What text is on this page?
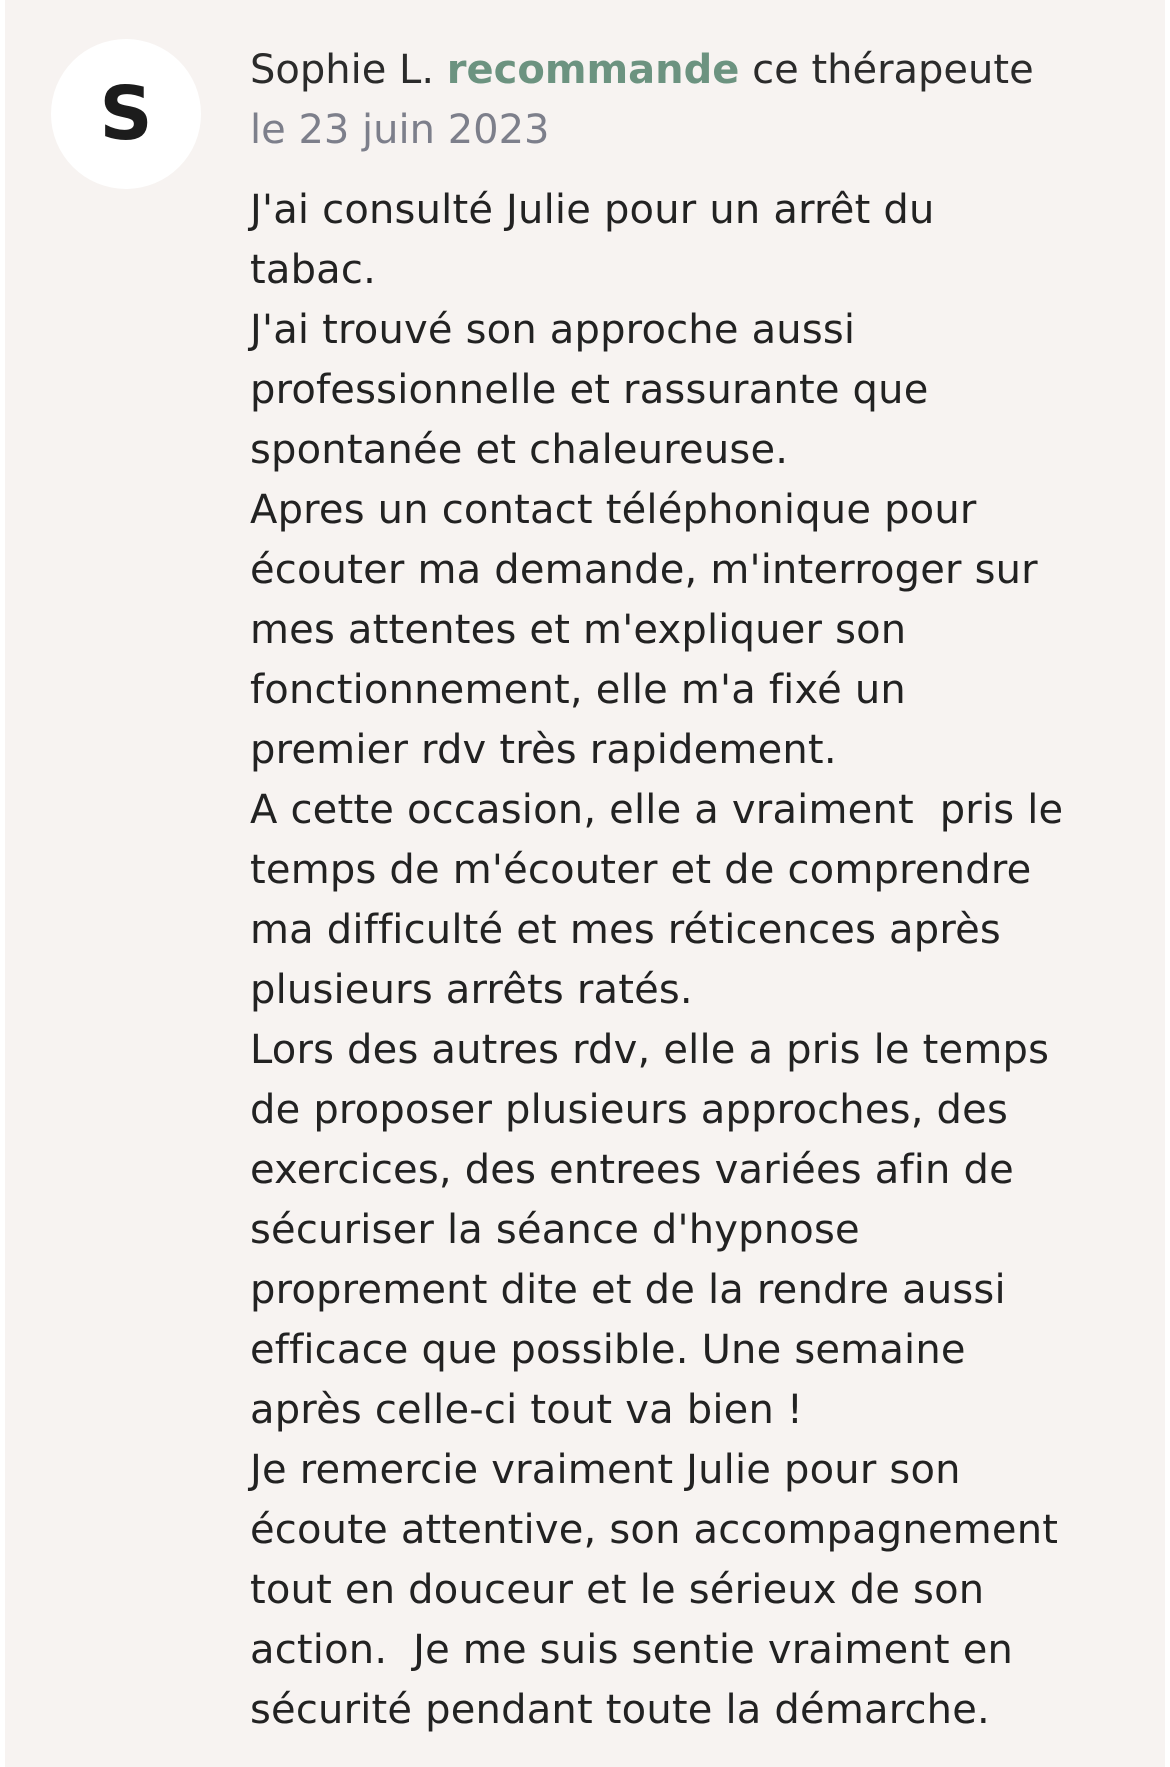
S
Sophie L. recommande ce thérapeute
le 23 juin 2023
J'ai consulté Julie pour un arrêt du
tabac.
J'ai trouvé son approche aussi
professionnelle et rassurante que
spontanée et chaleureuse.
Apres un contact téléphonique pour
écouter ma demande, m'interroger sur
mes attentes et m'expliquer son
fonctionnement, elle m'a fixé un
premier rdv très rapidement.
A cette occasion, elle a vraiment  pris le
temps de m'écouter et de comprendre
ma difficulté et mes réticences après
plusieurs arrêts ratés.
Lors des autres rdv, elle a pris le temps
de proposer plusieurs approches, des
exercices, des entrees variées afin de
sécuriser la séance d'hypnose
proprement dite et de la rendre aussi
efficace que possible. Une semaine
après celle-ci tout va bien !
Je remercie vraiment Julie pour son
écoute attentive, son accompagnement
tout en douceur et le sérieux de son
action.  Je me suis sentie vraiment en
sécurité pendant toute la démarche.
